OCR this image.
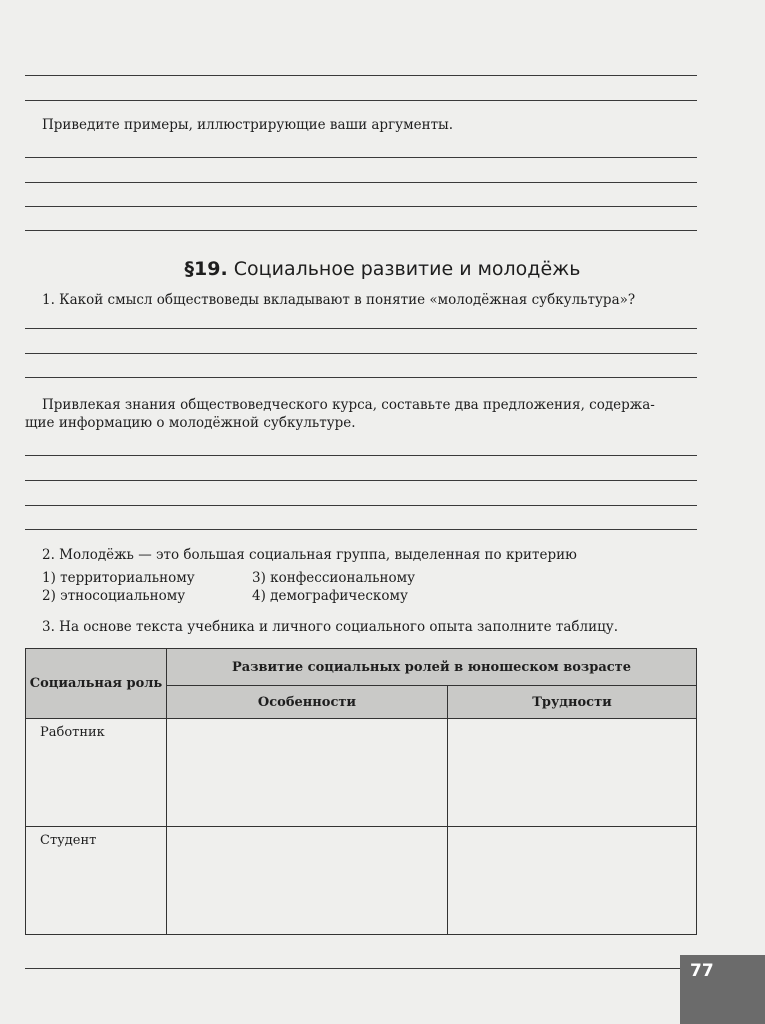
Приведите примеры, иллюстрирующие ваши аргументы.
§19. Социальное развитие и молодёжь
1. Какой смысл обществоведы вкладывают в понятие «молодёжная субкультура»?
Привлекая знания обществоведческого курса, составьте два предложения, содержа-
щие информацию о молодёжной субкультуре.
2. Молодёжь — это большая социальная группа, выделенная по критерию
1) территориальному
2) этносоциальному
3) конфессиональному
4) демографическому
3. На основе текста учебника и личного социального опыта заполните таблицу.
Социальная роль	Развитие социальных ролей в юношеском возрасте	
	Особенности	Трудности
Работник		
Студент		
77
